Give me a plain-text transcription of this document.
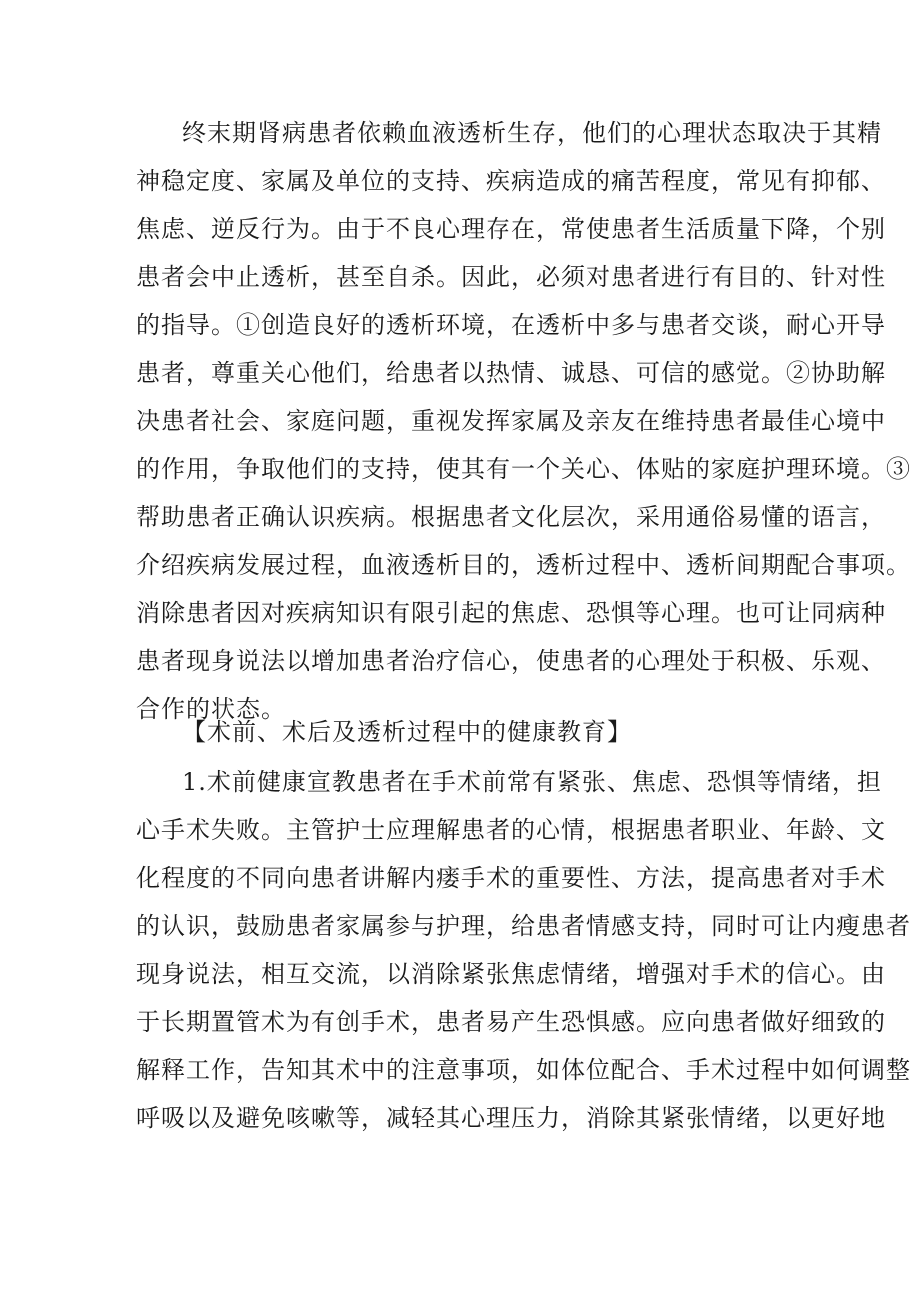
终末期肾病患者依赖血液透析生存，他们的心理状态取决于其精
神稳定度、家属及单位的支持、疾病造成的痛苦程度，常见有抑郁、
焦虑、逆反行为。由于不良心理存在，常使患者生活质量下降，个别
患者会中止透析，甚至自杀。因此，必须对患者进行有目的、针对性
的指导。①创造良好的透析环境，在透析中多与患者交谈，耐心开导
患者，尊重关心他们，给患者以热情、诚恳、可信的感觉。②协助解
决患者社会、家庭问题，重视发挥家属及亲友在维持患者最佳心境中
的作用，争取他们的支持，使其有一个关心、体贴的家庭护理环境。③
帮助患者正确认识疾病。根据患者文化层次，采用通俗易懂的语言，
介绍疾病发展过程，血液透析目的，透析过程中、透析间期配合事项。
消除患者因对疾病知识有限引起的焦虑、恐惧等心理。也可让同病种
患者现身说法以增加患者治疗信心，使患者的心理处于积极、乐观、
合作的状态。
【术前、术后及透析过程中的健康教育】
1.术前健康宣教患者在手术前常有紧张、焦虑、恐惧等情绪，担
心手术失败。主管护士应理解患者的心情，根据患者职业、年龄、文
化程度的不同向患者讲解内瘘手术的重要性、方法，提高患者对手术
的认识，鼓励患者家属参与护理，给患者情感支持，同时可让内瘦患者
现身说法，相互交流，以消除紧张焦虑情绪，增强对手术的信心。由
于长期置管术为有创手术，患者易产生恐惧感。应向患者做好细致的
解释工作，告知其术中的注意事项，如体位配合、手术过程中如何调整
呼吸以及避免咳嗽等，减轻其心理压力，消除其紧张情绪，以更好地
